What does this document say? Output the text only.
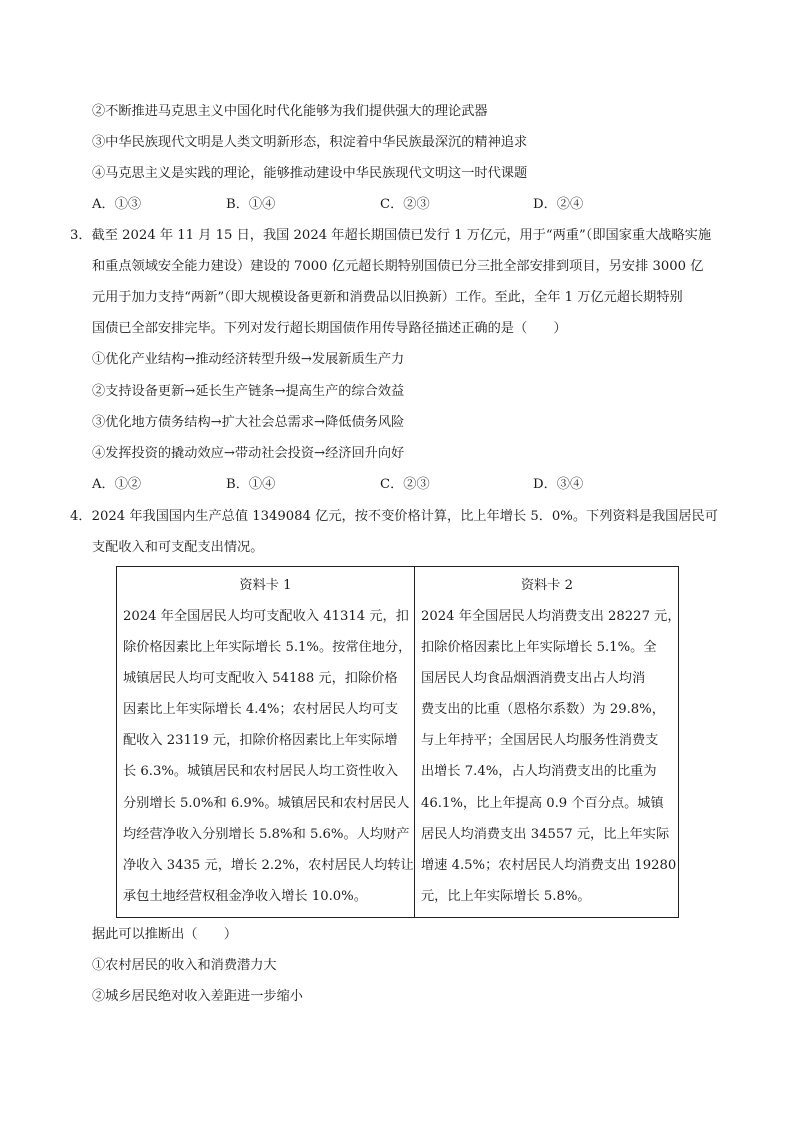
②不断推进马克思主义中国化时代化能够为我们提供强大的理论武器
③中华民族现代文明是人类文明新形态，积淀着中华民族最深沉的精神追求
④马克思主义是实践的理论，能够推动建设中华民族现代文明这一时代课题
A．①③	B．①④	C．②③	D．②④
3．截至 2024 年 11 月 15 日，我国 2024 年超长期国债已发行 1 万亿元，用于“两重”（即国家重大战略实施
和重点领域安全能力建设）建设的 7000 亿元超长期特别国债已分三批全部安排到项目，另安排 3000 亿
元用于加力支持“两新”（即大规模设备更新和消费品以旧换新）工作。至此，全年 1 万亿元超长期特别
国债已全部安排完毕。下列对发行超长期国债作用传导路径描述正确的是（　　）
①优化产业结构→推动经济转型升级→发展新质生产力
②支持设备更新→延长生产链条→提高生产的综合效益
③优化地方债务结构→扩大社会总需求→降低债务风险
④发挥投资的撬动效应→带动社会投资→经济回升向好
A．①②	B．①④	C．②③	D．③④
4．2024 年我国国内生产总值 1349084 亿元，按不变价格计算，比上年增长 5．0%。下列资料是我国居民可
支配收入和可支配支出情况。
资料卡 1
2024 年全国居民人均可支配收入 41314 元，扣
除价格因素比上年实际增长 5.1%。按常住地分，
城镇居民人均可支配收入 54188 元，扣除价格
因素比上年实际增长 4.4%；农村居民人均可支
配收入 23119 元，扣除价格因素比上年实际增
长 6.3%。城镇居民和农村居民人均工资性收入
分别增长 5.0%和 6.9%。城镇居民和农村居民人
均经营净收入分别增长 5.8%和 5.6%。人均财产
净收入 3435 元，增长 2.2%，农村居民人均转让
承包土地经营权租金净收入增长 10.0%。
资料卡 2
2024 年全国居民人均消费支出 28227 元，
扣除价格因素比上年实际增长 5.1%。全
国居民人均食品烟酒消费支出占人均消
费支出的比重（恩格尔系数）为 29.8%，
与上年持平；全国居民人均服务性消费支
出增长 7.4%，占人均消费支出的比重为
46.1%，比上年提高 0.9 个百分点。城镇
居民人均消费支出 34557 元，比上年实际
增速 4.5%；农村居民人均消费支出 19280
元，比上年实际增长 5.8%。
据此可以推断出（　　）
①农村居民的收入和消费潜力大
②城乡居民绝对收入差距进一步缩小
